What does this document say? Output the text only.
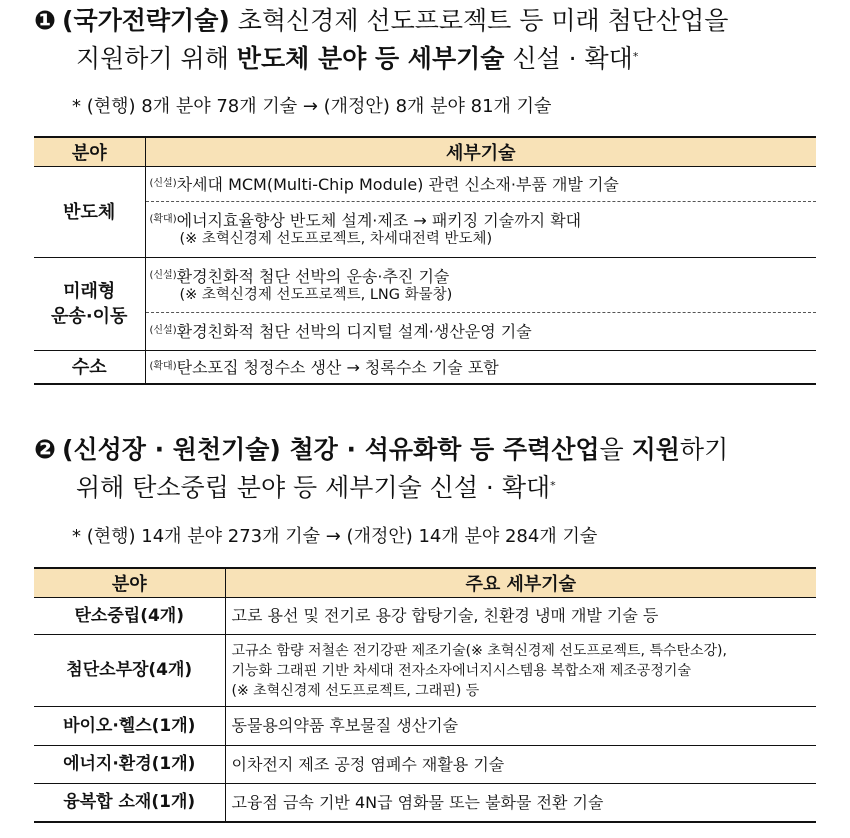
❶ (국가전략기술) 초혁신경제 선도프로젝트 등 미래 첨단산업을
지원하기 위해 반도체 분야 등 세부기술 신설 · 확대*
* (현행) 8개 분야 78개 기술 → (개정안) 8개 분야 81개 기술
분야	세부기술
반도체	$^{(신설)}$차세대 MCM(Multi-Chip Module) 관련 신소재·부품 개발 기술
	$^{(확대)}$에너지효율향상 반도체 설계·제조 → 패키징 기술까지 확대
(※ 초혁신경제 선도프로젝트, 차세대전력 반도체)

미래형
운송·이동	$^{(신설)}$환경친화적 첨단 선박의 운송·추진 기술
(※ 초혁신경제 선도프로젝트, LNG 화물창)

	$^{(신설)}$환경친화적 첨단 선박의 디지털 설계·생산운영 기술
수소	$^{(확대)}$탄소포집 청정수소 생산 → 청록수소 기술 포함
❷ (신성장 · 원천기술) 철강 · 석유화학 등 주력산업을 지원하기
위해 탄소중립 분야 등 세부기술 신설 · 확대*
* (현행) 14개 분야 273개 기술 → (개정안) 14개 분야 284개 기술
분야	주요 세부기술
탄소중립(4개)	고로 용선 및 전기로 용강 합탕기술, 친환경 냉매 개발 기술 등
첨단소부장(4개)	고규소 함량 저철손 전기강판 제조기술(※ 초혁신경제 선도프로젝트, 특수탄소강),
기능화 그래핀 기반 차세대 전자소자에너지시스템용 복합소재 제조공정기술
(※ 초혁신경제 선도프로젝트, 그래핀) 등

바이오·헬스(1개)	동물용의약품 후보물질 생산기술
에너지·환경(1개)	이차전지 제조 공정 염폐수 재활용 기술
융복합 소재(1개)	고융점 금속 기반 4N급 염화물 또는 불화물 전환 기술
